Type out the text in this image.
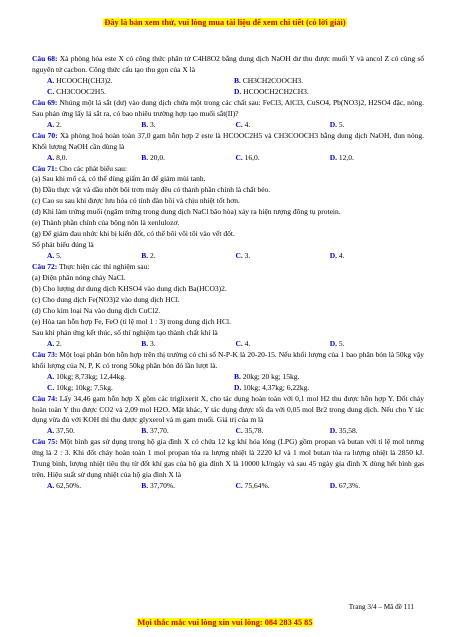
Đây là bản xem thử, vui lòng mua tài liệu để xem chi tiết (có lời giải)
Câu 68: Xà phòng hóa este X có công thức phân tử C4H8O2 bằng dung dịch NaOH dư thu được muối Y và ancol Z có cùng số nguyên tử cacbon. Công thức cấu tạo thu gọn của X là
A. HCOOCH(CH3)2.	B. CH3CH2COOCH3.
C. CH3COOC2H5.	D. HCOOCH2CH2CH3.
Câu 69: Nhúng một lá sắt (dư) vào dung dịch chứa một trong các chất sau: FeCl3, AlCl3, CuSO4, Pb(NO3)2, H2SO4 đặc, nóng. Sau phản ứng lấy lá sắt ra, có bao nhiêu trường hợp tạo muối sắt(II)?
A. 2.	B. 3.	C. 4.	D. 5.
Câu 70: Xà phòng hoá hoàn toàn 37,0 gam hỗn hợp 2 este là HCOOC2H5 và CH3COOCH3 bằng dung dịch NaOH, đun nóng. Khối lượng NaOH cần dùng là
A. 8,0.	B. 20,0.	C. 16,0.	D. 12,0.
Câu 71: Cho các phát biểu sau:
(a) Sau khi mổ cá, có thể dùng giấm ăn để giảm mùi tanh.
(b) Dầu thực vật và dầu nhớt bôi trơn máy đều có thành phần chính là chất béo.
(c) Cao su sau khi được lưu hóa có tính đàn hồi và chịu nhiệt tốt hơn.
(d) Khi làm trứng muối (ngâm trứng trong dung dịch NaCl bão hòa) xảy ra hiện tượng đông tụ protein.
(e) Thành phần chính của bông nõn là xenlulozơ.
(g) Để giảm đau nhức khi bị kiến đốt, có thể bôi vôi tôi vào vết đốt.
Số phát biểu đúng là
A. 5.	B. 2.	C. 3.	D. 4.
Câu 72: Thực hiện các thí nghiệm sau:
(a) Điện phân nóng chảy NaCl.
(b) Cho lượng dư dung dịch KHSO4 vào dung dịch Ba(HCO3)2.
(c) Cho dung dịch Fe(NO3)2 vào dung dịch HCl.
(d) Cho kim loại Na vào dung dịch CuCl2.
(e) Hòa tan hỗn hợp Fe, FeO (tỉ lệ mol 1 : 3) trong dung dịch HCl.
Sau khi phản ứng kết thúc, số thí nghiệm tạo thành chất khí là
A. 2.	B. 3.	C. 4.	D. 5.
Câu 73: Một loại phân bón hỗn hợp trên thị trường có chỉ số N-P-K là 20-20-15. Nếu khối lượng của 1 bao phân bón là 50kg vậy khối lượng của N, P, K có trong 50kg phân bón đó lần lượt là.
A. 10kg; 8,73kg; 12,44kg.	B. 20kg; 20 kg; 15kg.
C. 10kg; 10kg; 7,5kg.	D. 10kg; 4,37kg; 6,22kg.
Câu 74: Lấy 34,46 gam hỗn hợp X gồm các triglixerit X, cho tác dụng hoàn toàn với 0,1 mol H2 thu được hỗn hợp Y. Đốt cháy hoàn toàn Y thu được CO2 và 2,09 mol H2O. Mặt khác, Y tác dụng được tối đa với 0,05 mol Br2 trong dung dịch. Nếu cho Y tác dụng vừa đủ với KOH thì thu được glyxerol và m gam muối. Giá trị của m là
A. 37,50.	B. 37,70.	C. 35,78.	D. 35,58.
Câu 75: Một bình gas sử dụng trong hộ gia đình X có chứa 12 kg khí hóa lỏng (LPG) gồm propan và butan với tỉ lệ mol tương ứng là 2 : 3. Khi đốt cháy hoàn toàn 1 mol propan tỏa ra lượng nhiệt là 2220 kJ và 1 mol butan tỏa ra lượng nhiệt là 2850 kJ. Trung bình, lượng nhiệt tiêu thụ từ đốt khí gas của hộ gia đình X là 10000 kJ/ngày và sau 45 ngày gia đình X dùng hết bình gas trên. Hiệu suất sử dụng nhiệt của hộ gia đình X là
A. 62,50%.	B. 37,70%.	C. 75,64%.	D. 67,3%.
Trang 3/4 – Mã đề 111
Mọi thắc mắc vui lòng xin vui lòng: 084 283 45 85
